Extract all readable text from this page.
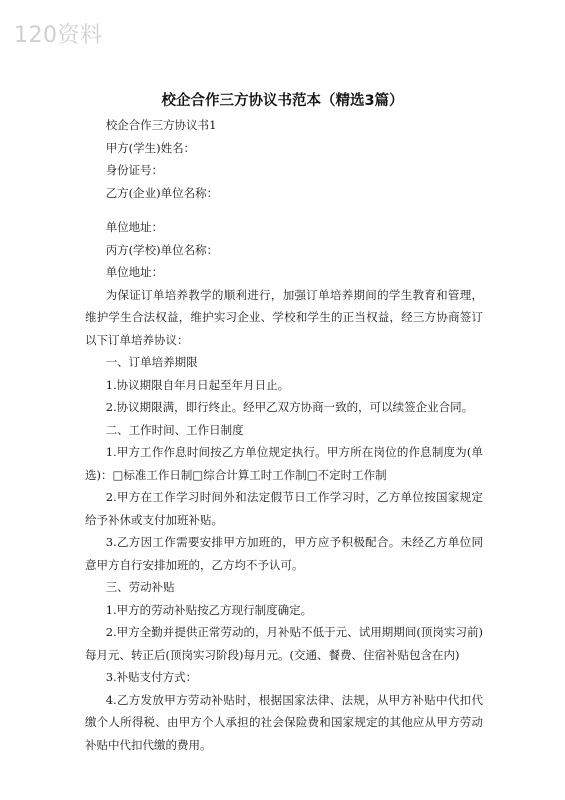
120资料
校企合作三方协议书范本（精选3篇）

校企合作三方协议书1

甲方(学生)姓名：

身份证号：

乙方(企业)单位名称：

单位地址：

丙方(学校)单位名称：

单位地址：

为保证订单培养教学的顺利进行，加强订单培养期间的学生教育和管理，维护学生合法权益，维护实习企业、学校和学生的正当权益，经三方协商签订以下订单培养协议：

一、订单培养期限

1.协议期限自年月日起至年月日止。

2.协议期限满，即行终止。经甲乙双方协商一致的，可以续签企业合同。

二、工作时间、工作日制度

1.甲方工作作息时间按乙方单位规定执行。甲方所在岗位的作息制度为(单选)：□标准工作日制□综合计算工时工作制□不定时工作制

2.甲方在工作学习时间外和法定假节日工作学习时，乙方单位按国家规定给予补休或支付加班补贴。

3.乙方因工作需要安排甲方加班的，甲方应予积极配合。未经乙方单位同意甲方自行安排加班的，乙方均不予认可。

三、劳动补贴

1.甲方的劳动补贴按乙方现行制度确定。

2.甲方全勤并提供正常劳动的，月补贴不低于元、试用期期间(顶岗实习前)每月元、转正后(顶岗实习阶段)每月元。(交通、餐费、住宿补贴包含在内)

3.补贴支付方式：

4.乙方发放甲方劳动补贴时，根据国家法律、法规，从甲方补贴中代扣代缴个人所得税、由甲方个人承担的社会保险费和国家规定的其他应从甲方劳动补贴中代扣代缴的费用。
